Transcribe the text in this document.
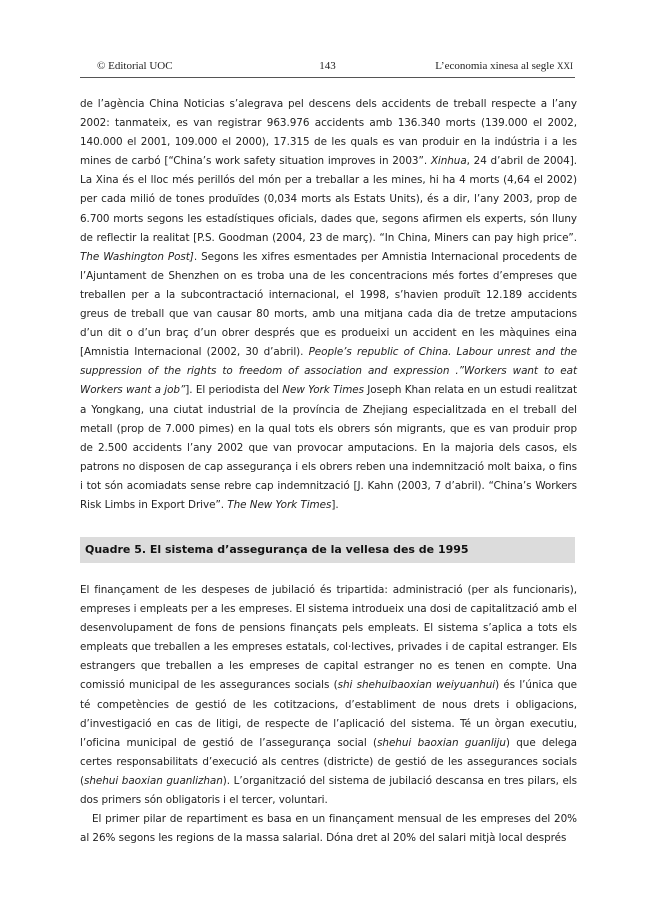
© Editorial UOC	143	L’economia xinesa al segle XXI

de l’agència China Noticias s’alegrava pel descens dels accidents de treball respecte a l’any 2002: tanmateix, es van registrar 963.976 accidents amb 136.340 morts (139.000 el 2002, 140.000 el 2001, 109.000 el 2000), 17.315 de les quals es van produir en la indústria i a les mines de carbó [“China’s work safety situation improves in 2003”. Xinhua, 24 d’abril de 2004]. La Xina és el lloc més perillós del món per a treballar a les mines, hi ha 4 morts (4,64 el 2002) per cada milió de tones produïdes (0,034 morts als Estats Units), és a dir, l’any 2003, prop de 6.700 morts segons les estadístiques oficials, dades que, segons afirmen els experts, són lluny de reflectir la realitat [P.S. Goodman (2004, 23 de març). “In China, Miners can pay high price”. The Washington Post]. Segons les xifres esmentades per Amnistia Internacional procedents de l’Ajuntament de Shenzhen on es troba una de les concentracions més fortes d’empreses que treballen per a la subcontractació internacional, el 1998, s’havien produït 12.189 accidents greus de treball que van causar 80 morts, amb una mitjana cada dia de tretze amputacions d’un dit o d’un braç d’un obrer després que es produeixi un accident en les màquines eina [Amnistia Internacional (2002, 30 d’abril). People’s republic of China. Labour unrest and the suppression of the rights to freedom of association and expression .”Workers want to eat Workers want a job”]. El periodista del New York Times Joseph Khan relata en un estudi realitzat a Yongkang, una ciutat industrial de la província de Zhejiang especialitzada en el treball del metall (prop de 7.000 pimes) en la qual tots els obrers són migrants, que es van produir prop de 2.500 accidents l’any 2002 que van provocar amputacions. En la majoria dels casos, els patrons no disposen de cap assegurança i els obrers reben una indemnització molt baixa, o fins i tot són acomiadats sense rebre cap indemnització [J. Kahn (2003, 7 d’abril). “China’s Workers Risk Limbs in Export Drive”. The New York Times].

Quadre 5. El sistema d’assegurança de la vellesa des de 1995

El finançament de les despeses de jubilació és tripartida: administració (per als funcionaris), empreses i empleats per a les empreses. El sistema introdueix una dosi de capitalització amb el desenvolupament de fons de pensions finançats pels empleats. El sistema s’aplica a tots els empleats que treballen a les empreses estatals, col·lectives, privades i de capital estranger. Els estrangers que treballen a les empreses de capital estranger no es tenen en compte. Una comissió municipal de les assegurances socials (shi shehuibaoxian weiyuanhui) és l’única que té competències de gestió de les cotitzacions, d’establiment de nous drets i obligacions, d’investigació en cas de litigi, de respecte de l’aplicació del sistema. Té un òrgan executiu, l’oficina municipal de gestió de l’assegurança social (shehui baoxian guanliju) que delega certes responsabilitats d’execució als centres (districte) de gestió de les assegurances socials (shehui baoxian guanlizhan). L’organització del sistema de jubilació descansa en tres pilars, els dos primers són obligatoris i el tercer, voluntari.

El primer pilar de repartiment es basa en un finançament mensual de les empreses del 20% al 26% segons les regions de la massa salarial. Dóna dret al 20% del salari mitjà local després
